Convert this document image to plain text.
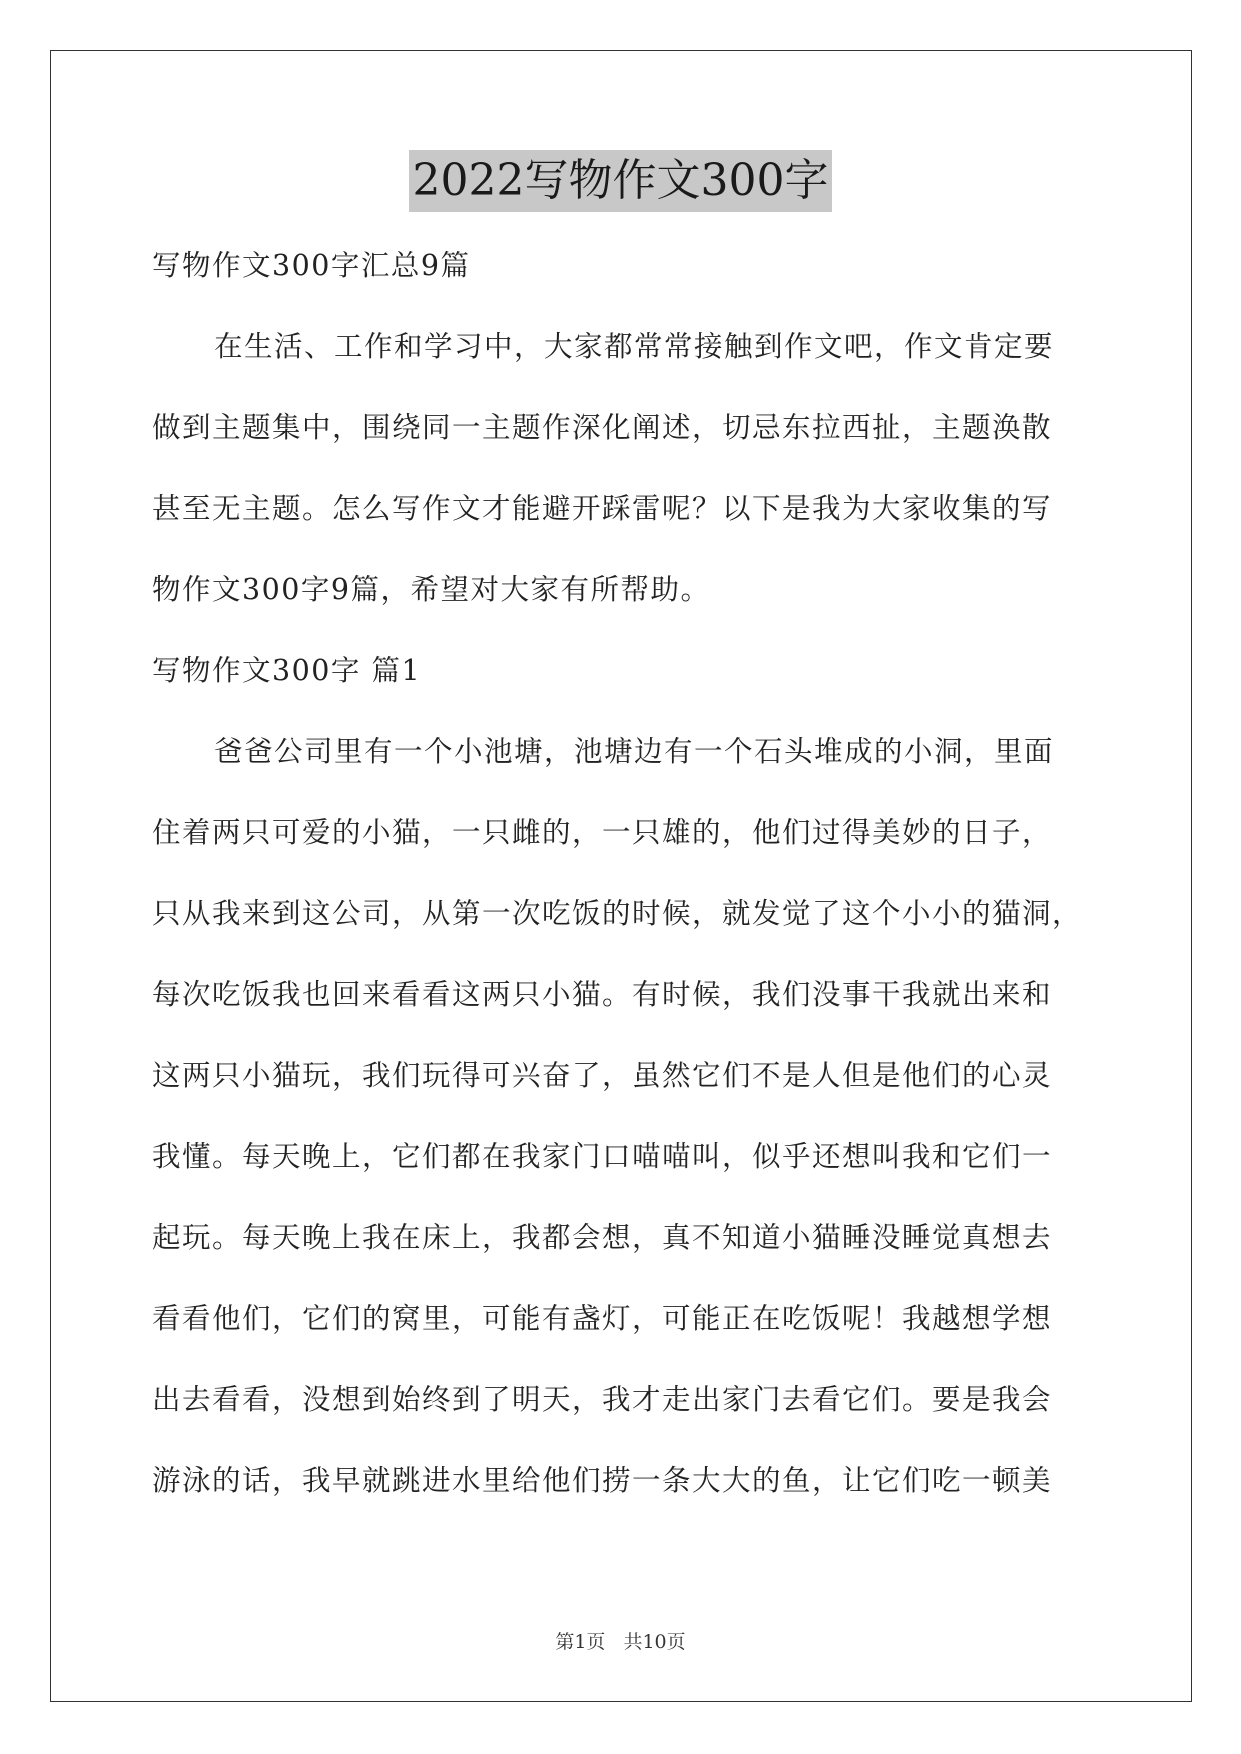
2022写物作文300字
写物作文300字汇总9篇
在生活、工作和学习中，大家都常常接触到作文吧，作文肯定要
做到主题集中，围绕同一主题作深化阐述，切忌东拉西扯，主题涣散
甚至无主题。怎么写作文才能避开踩雷呢？以下是我为大家收集的写
物作文300字9篇，希望对大家有所帮助。
写物作文300字 篇1
爸爸公司里有一个小池塘，池塘边有一个石头堆成的小洞，里面
住着两只可爱的小猫，一只雌的，一只雄的，他们过得美妙的日子，
只从我来到这公司，从第一次吃饭的时候，就发觉了这个小小的猫洞，
每次吃饭我也回来看看这两只小猫。有时候，我们没事干我就出来和
这两只小猫玩，我们玩得可兴奋了，虽然它们不是人但是他们的心灵
我懂。每天晚上，它们都在我家门口喵喵叫，似乎还想叫我和它们一
起玩。每天晚上我在床上，我都会想，真不知道小猫睡没睡觉真想去
看看他们，它们的窝里，可能有盏灯，可能正在吃饭呢！我越想学想
出去看看，没想到始终到了明天，我才走出家门去看它们。要是我会
游泳的话，我早就跳进水里给他们捞一条大大的鱼，让它们吃一顿美
第1页 共10页
